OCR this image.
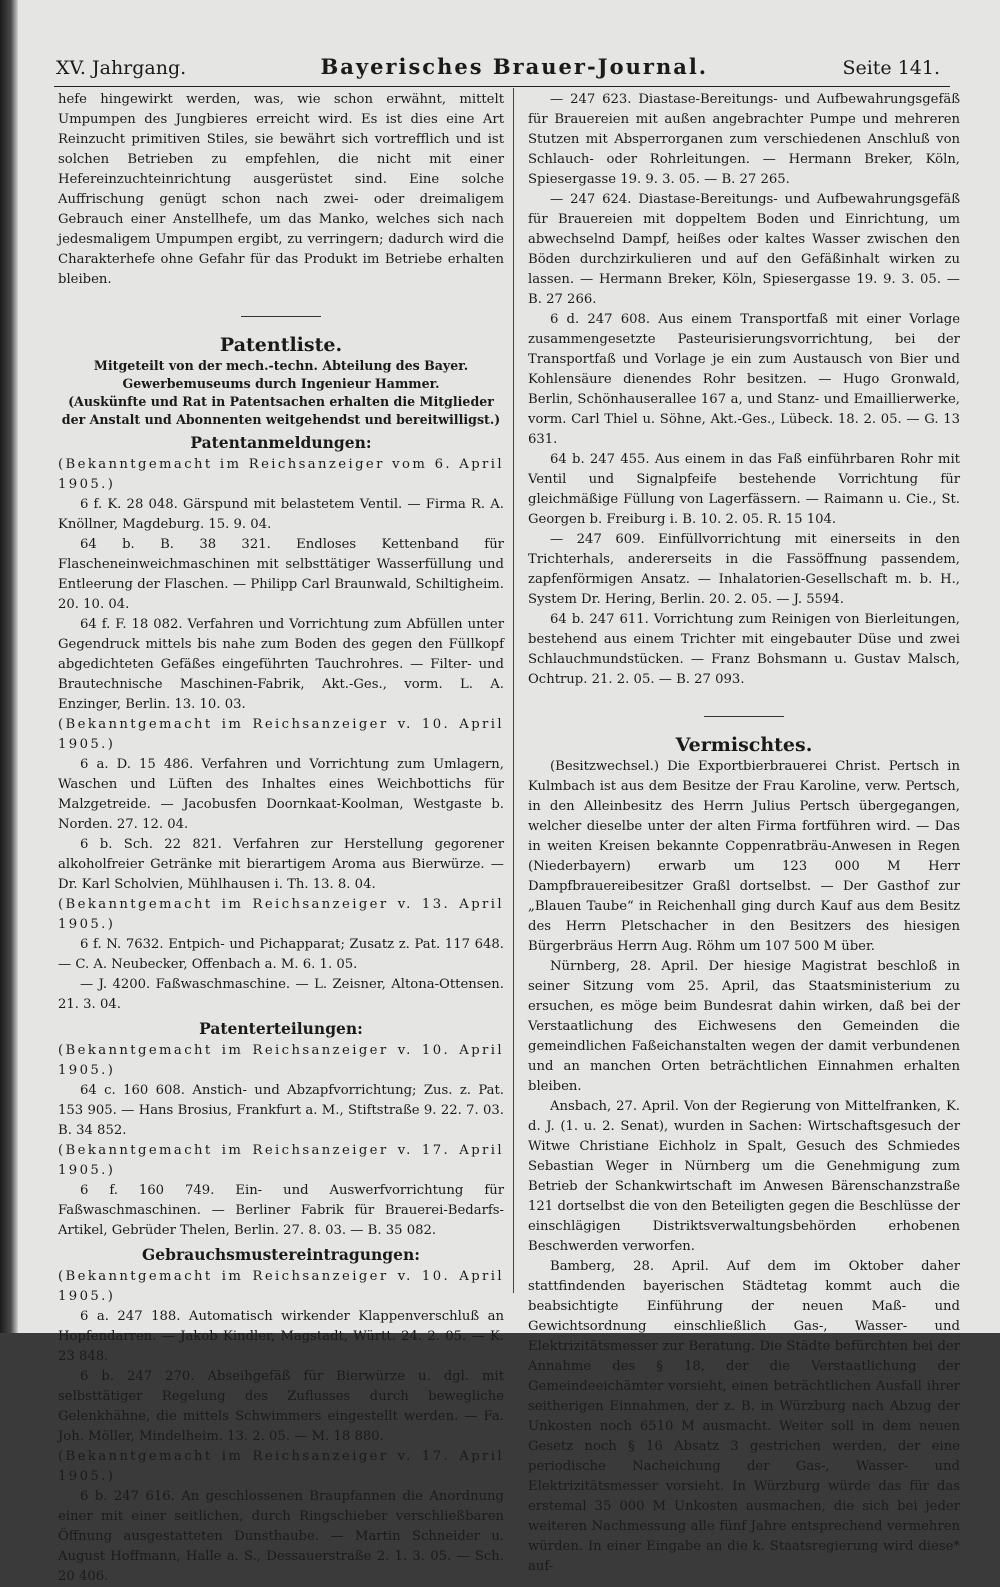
XV. Jahrgang.	Bayerisches Brauer-Journal.	Seite 141.

hefe hingewirkt werden, was, wie schon erwähnt, mittelt Umpumpen des Jungbieres erreicht wird. Es ist dies eine Art Reinzucht primitiven Stiles, sie bewährt sich vortrefflich und ist solchen Betrieben zu empfehlen, die nicht mit einer Hefereinzuchteinrichtung ausgerüstet sind. Eine solche Auffrischung genügt schon nach zwei- oder dreimaligem Gebrauch einer Anstellhefe, um das Manko, welches sich nach jedesmaligem Umpumpen ergibt, zu verringern; dadurch wird die Charakterhefe ohne Gefahr für das Produkt im Betriebe erhalten bleiben.

Patentliste.
Mitgeteilt von der mech.-techn. Abteilung des Bayer. Gewerbemuseums durch Ingenieur Hammer.
(Auskünfte und Rat in Patentsachen erhalten die Mitglieder der Anstalt und Abonnenten weitgehendst und bereitwilligst.)
Patentanmeldungen:

(Bekanntgemacht im Reichsanzeiger vom 6. April 1905.)

6 f. K. 28 048. Gärspund mit belastetem Ventil. — Firma R. A. Knöllner, Magdeburg. 15. 9. 04.

64 b. B. 38 321. Endloses Kettenband für Flascheneinweichmaschinen mit selbsttätiger Wasserfüllung und Entleerung der Flaschen. — Philipp Carl Braunwald, Schiltigheim. 20. 10. 04.

64 f. F. 18 082. Verfahren und Vorrichtung zum Abfüllen unter Gegendruck mittels bis nahe zum Boden des gegen den Füllkopf abgedichteten Gefäßes eingeführten Tauchrohres. — Filter- und Brautechnische Maschinen-Fabrik, Akt.-Ges., vorm. L. A. Enzinger, Berlin. 13. 10. 03.

(Bekanntgemacht im Reichsanzeiger v. 10. April 1905.)

6 a. D. 15 486. Verfahren und Vorrichtung zum Umlagern, Waschen und Lüften des Inhaltes eines Weichbottichs für Malzgetreide. — Jacobusfen Doornkaat-Koolman, Westgaste b. Norden. 27. 12. 04.

6 b. Sch. 22 821. Verfahren zur Herstellung gegorener alkoholfreier Getränke mit bierartigem Aroma aus Bierwürze. — Dr. Karl Scholvien, Mühlhausen i. Th. 13. 8. 04.

(Bekanntgemacht im Reichsanzeiger v. 13. April 1905.)

6 f. N. 7632. Entpich- und Pichapparat; Zusatz z. Pat. 117 648. — C. A. Neubecker, Offenbach a. M. 6. 1. 05.

— J. 4200. Faßwaschmaschine. — L. Zeisner, Altona-Ottensen. 21. 3. 04.

Patenterteilungen:

(Bekanntgemacht im Reichsanzeiger v. 10. April 1905.)

64 c. 160 608. Anstich- und Abzapfvorrichtung; Zus. z. Pat. 153 905. — Hans Brosius, Frankfurt a. M., Stiftstraße 9. 22. 7. 03. B. 34 852.

(Bekanntgemacht im Reichsanzeiger v. 17. April 1905.)

6 f. 160 749. Ein- und Auswerfvorrichtung für Faßwaschmaschinen. — Berliner Fabrik für Brauerei-Bedarfs-Artikel, Gebrüder Thelen, Berlin. 27. 8. 03. — B. 35 082.

Gebrauchsmustereintragungen:

(Bekanntgemacht im Reichsanzeiger v. 10. April 1905.)

6 a. 247 188. Automatisch wirkender Klappenverschluß an Hopfendarren. — Jakob Kindler, Magstadt, Württ. 24. 2. 05. — K. 23 848.

6 b. 247 270. Abseihgefäß für Bierwürze u. dgl. mit selbsttätiger Regelung des Zuflusses durch bewegliche Gelenkhähne, die mittels Schwimmers eingestellt werden. — Fa. Joh. Möller, Mindelheim. 13. 2. 05. — M. 18 880.

(Bekanntgemacht im Reichsanzeiger v. 17. April 1905.)

6 b. 247 616. An geschlossenen Braupfannen die Anordnung einer mit einer seitlichen, durch Ringschieber verschließbaren Öffnung ausgestatteten Dunsthaube. — Martin Schneider u. August Hoffmann, Halle a. S., Dessauerstraße 2. 1. 3. 05. — Sch. 20 406.

— 247 623. Diastase-Bereitungs- und Aufbewahrungsgefäß für Brauereien mit außen angebrachter Pumpe und mehreren Stutzen mit Absperrorganen zum verschiedenen Anschluß von Schlauch- oder Rohrleitungen. — Hermann Breker, Köln, Spiesergasse 19. 9. 3. 05. — B. 27 265.

— 247 624. Diastase-Bereitungs- und Aufbewahrungsgefäß für Brauereien mit doppeltem Boden und Einrichtung, um abwechselnd Dampf, heißes oder kaltes Wasser zwischen den Böden durchzirkulieren und auf den Gefäßinhalt wirken zu lassen. — Hermann Breker, Köln, Spiesergasse 19. 9. 3. 05. — B. 27 266.

6 d. 247 608. Aus einem Transportfaß mit einer Vorlage zusammengesetzte Pasteurisierungsvorrichtung, bei der Transportfaß und Vorlage je ein zum Austausch von Bier und Kohlensäure dienendes Rohr besitzen. — Hugo Gronwald, Berlin, Schönhauserallee 167 a, und Stanz- und Emaillierwerke, vorm. Carl Thiel u. Söhne, Akt.-Ges., Lübeck. 18. 2. 05. — G. 13 631.

64 b. 247 455. Aus einem in das Faß einführbaren Rohr mit Ventil und Signalpfeife bestehende Vorrichtung für gleichmäßige Füllung von Lagerfässern. — Raimann u. Cie., St. Georgen b. Freiburg i. B. 10. 2. 05. R. 15 104.

— 247 609. Einfüllvorrichtung mit einerseits in den Trichterhals, andererseits in die Fassöffnung passendem, zapfenförmigen Ansatz. — Inhalatorien-Gesellschaft m. b. H., System Dr. Hering, Berlin. 20. 2. 05. — J. 5594.

64 b. 247 611. Vorrichtung zum Reinigen von Bierleitungen, bestehend aus einem Trichter mit eingebauter Düse und zwei Schlauchmundstücken. — Franz Bohsmann u. Gustav Malsch, Ochtrup. 21. 2. 05. — B. 27 093.

Vermischtes.

(Besitzwechsel.) Die Exportbierbrauerei Christ. Pertsch in Kulmbach ist aus dem Besitze der Frau Karoline, verw. Pertsch, in den Alleinbesitz des Herrn Julius Pertsch übergegangen, welcher dieselbe unter der alten Firma fortführen wird. — Das in weiten Kreisen bekannte Coppenratbräu-Anwesen in Regen (Niederbayern) erwarb um 123 000 M Herr Dampfbrauereibesitzer Graßl dortselbst. — Der Gasthof zur „Blauen Taube“ in Reichenhall ging durch Kauf aus dem Besitz des Herrn Pletschacher in den Besitzers des hiesigen Bürgerbräus Herrn Aug. Röhm um 107 500 M über.

Nürnberg, 28. April. Der hiesige Magistrat beschloß in seiner Sitzung vom 25. April, das Staatsministerium zu ersuchen, es möge beim Bundesrat dahin wirken, daß bei der Verstaatlichung des Eichwesens den Gemeinden die gemeindlichen Faßeichanstalten wegen der damit verbundenen und an manchen Orten beträchtlichen Einnahmen erhalten bleiben.

Ansbach, 27. April. Von der Regierung von Mittelfranken, K. d. J. (1. u. 2. Senat), wurden in Sachen: Wirtschaftsgesuch der Witwe Christiane Eichholz in Spalt, Gesuch des Schmiedes Sebastian Weger in Nürnberg um die Genehmigung zum Betrieb der Schankwirtschaft im Anwesen Bärenschanzstraße 121 dortselbst die von den Beteiligten gegen die Beschlüsse der einschlägigen Distriktsverwaltungsbehörden erhobenen Beschwerden verworfen.

Bamberg, 28. April. Auf dem im Oktober daher stattfindenden bayerischen Städtetag kommt auch die beabsichtigte Einführung der neuen Maß- und Gewichtsordnung einschließlich Gas-, Wasser- und Elektrizitätsmesser zur Beratung. Die Städte befürchten bei der Annahme des § 18, der die Verstaatlichung der Gemeindeeichämter vorsieht, einen beträchtlichen Ausfall ihrer seitherigen Einnahmen, der z. B. in Würzburg nach Abzug der Unkosten noch 6510 M ausmacht. Weiter soll in dem neuen Gesetz noch § 16 Absatz 3 gestrichen werden, der eine periodische Nacheichung der Gas-, Wasser- und Elektrizitätsmesser vorsieht. In Würzburg würde das für das erstemal 35 000 M Unkosten ausmachen, die sich bei jeder weiteren Nachmessung alle fünf Jahre entsprechend vermehren würden. In einer Eingabe an die k. Staatsregierung wird diese* auf-
